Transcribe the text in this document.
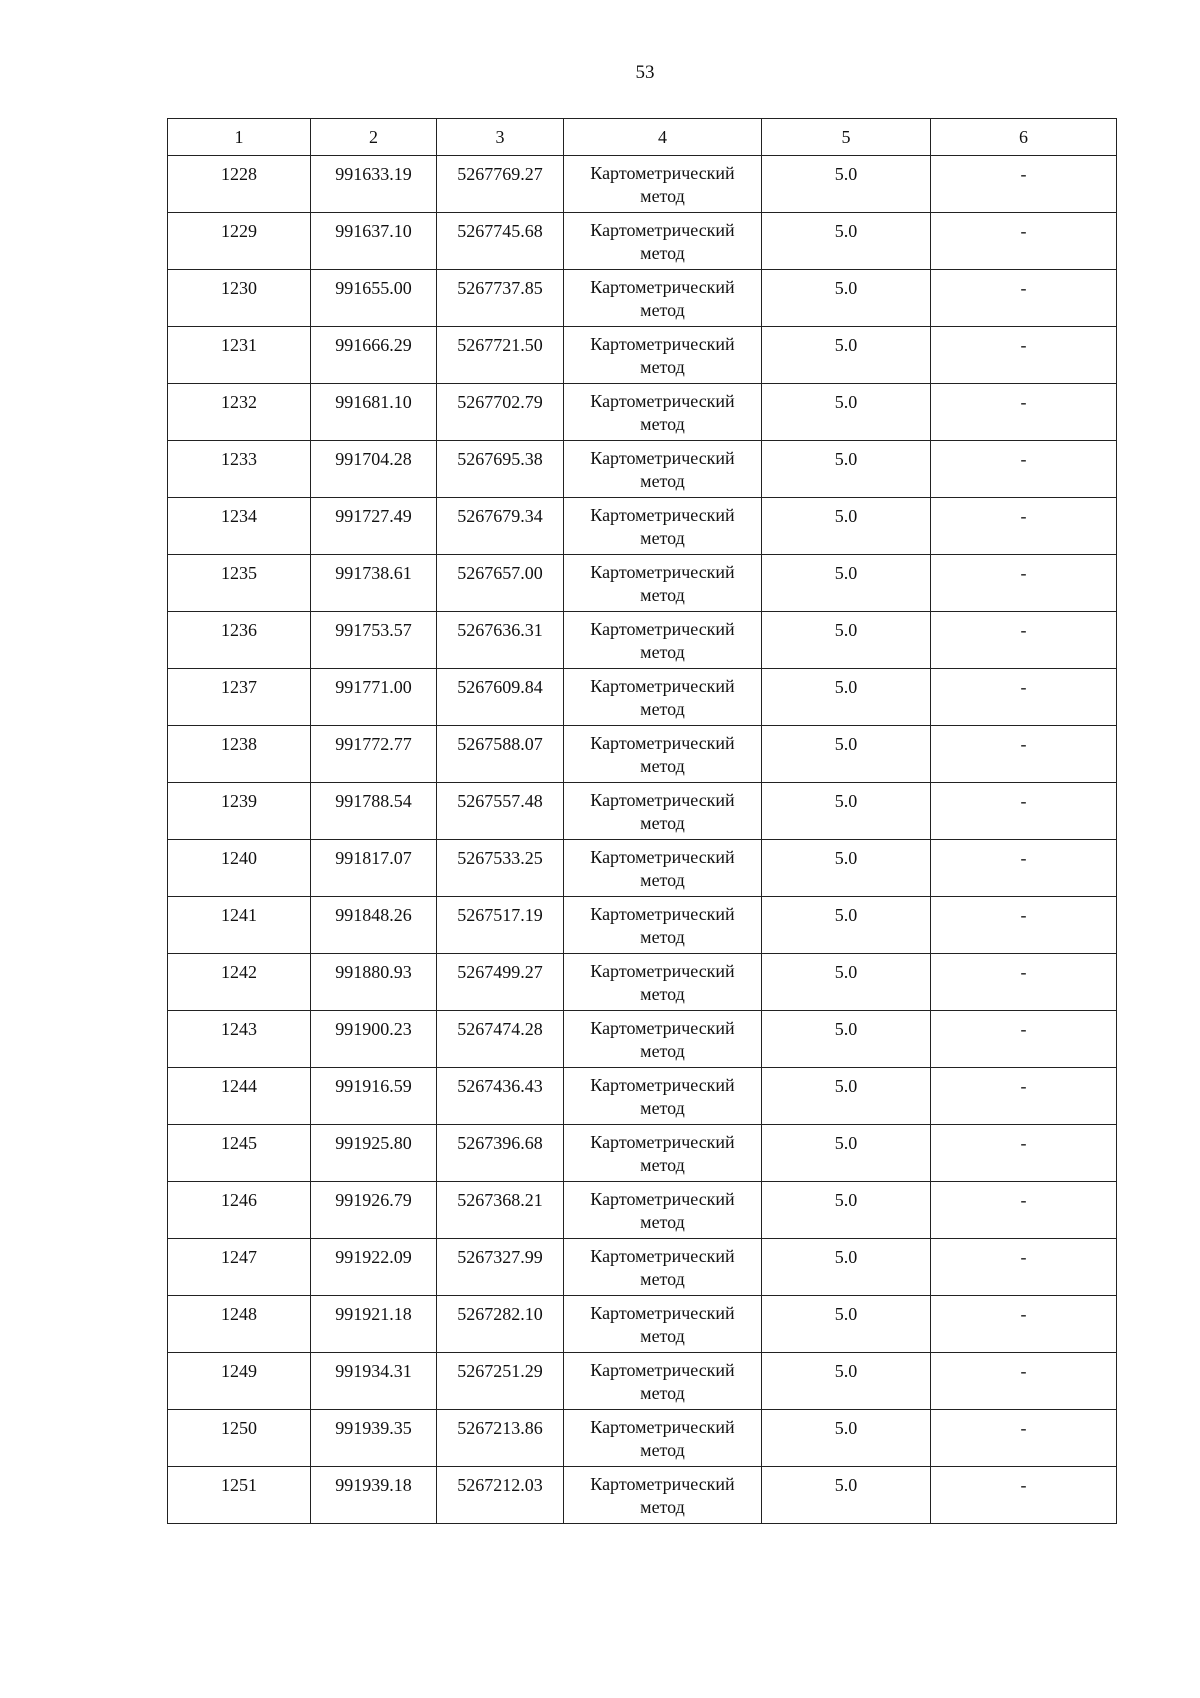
53
1	2	3	4	5	6
1228	991633.19	5267769.27	Картометрический метод	5.0	-
1229	991637.10	5267745.68	Картометрический метод	5.0	-
1230	991655.00	5267737.85	Картометрический метод	5.0	-
1231	991666.29	5267721.50	Картометрический метод	5.0	-
1232	991681.10	5267702.79	Картометрический метод	5.0	-
1233	991704.28	5267695.38	Картометрический метод	5.0	-
1234	991727.49	5267679.34	Картометрический метод	5.0	-
1235	991738.61	5267657.00	Картометрический метод	5.0	-
1236	991753.57	5267636.31	Картометрический метод	5.0	-
1237	991771.00	5267609.84	Картометрический метод	5.0	-
1238	991772.77	5267588.07	Картометрический метод	5.0	-
1239	991788.54	5267557.48	Картометрический метод	5.0	-
1240	991817.07	5267533.25	Картометрический метод	5.0	-
1241	991848.26	5267517.19	Картометрический метод	5.0	-
1242	991880.93	5267499.27	Картометрический метод	5.0	-
1243	991900.23	5267474.28	Картометрический метод	5.0	-
1244	991916.59	5267436.43	Картометрический метод	5.0	-
1245	991925.80	5267396.68	Картометрический метод	5.0	-
1246	991926.79	5267368.21	Картометрический метод	5.0	-
1247	991922.09	5267327.99	Картометрический метод	5.0	-
1248	991921.18	5267282.10	Картометрический метод	5.0	-
1249	991934.31	5267251.29	Картометрический метод	5.0	-
1250	991939.35	5267213.86	Картометрический метод	5.0	-
1251	991939.18	5267212.03	Картометрический метод	5.0	-
